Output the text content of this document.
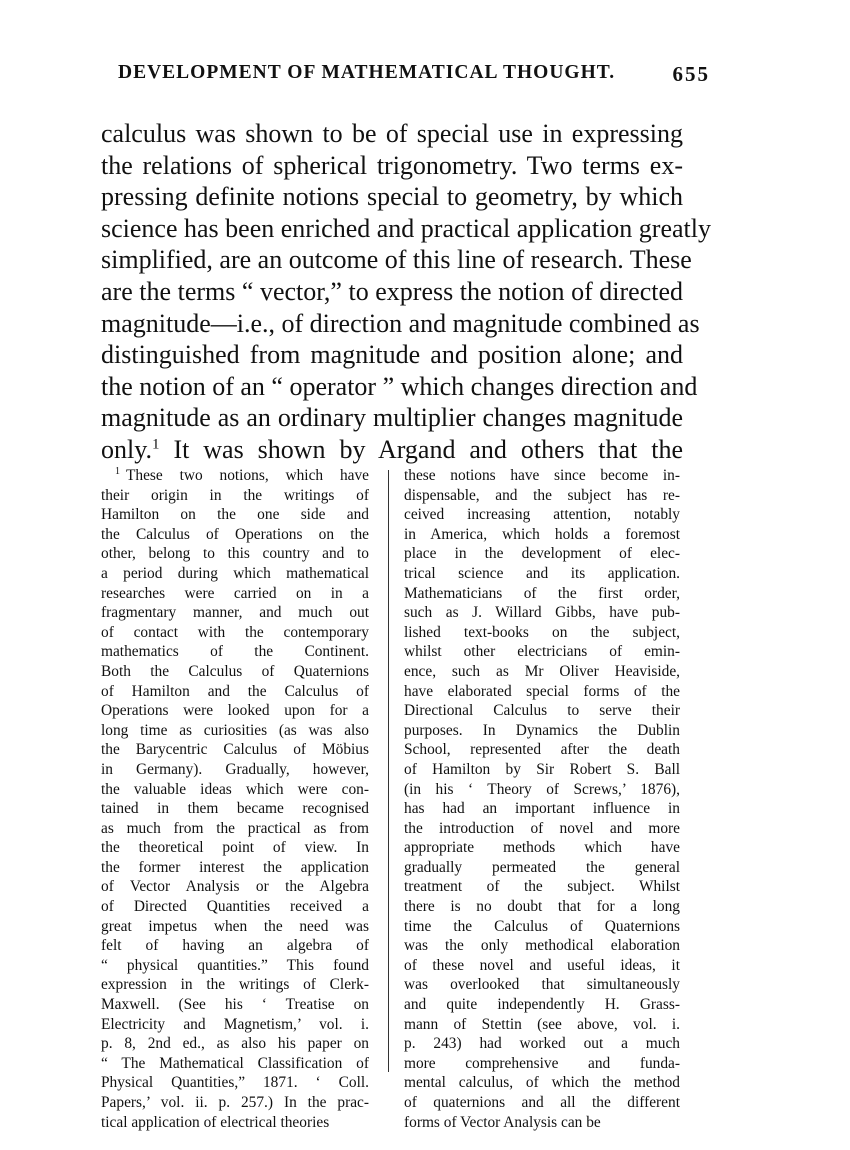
DEVELOPMENT OF MATHEMATICAL THOUGHT.	655
calculus was shown to be of special use in expressing
the relations of spherical trigonometry. Two terms ex-
pressing definite notions special to geometry, by which
science has been enriched and practical application greatly
simplified, are an outcome of this line of research. These
are the terms “ vector,” to express the notion of directed
magnitude—i.e., of direction and magnitude combined as
distinguished from magnitude and position alone; and
the notion of an “ operator ” which changes direction and
magnitude as an ordinary multiplier changes magnitude
only.$^1$ It was shown by Argand and others that the
$^1$ These two notions, which have
their origin in the writings of
Hamilton on the one side and
the Calculus of Operations on the
other, belong to this country and to
a period during which mathematical
researches were carried on in a
fragmentary manner, and much out
of contact with the contemporary
mathematics of the Continent.
Both the Calculus of Quaternions
of Hamilton and the Calculus of
Operations were looked upon for a
long time as curiosities (as was also
the Barycentric Calculus of Möbius
in Germany). Gradually, however,
the valuable ideas which were con-
tained in them became recognised
as much from the practical as from
the theoretical point of view. In
the former interest the application
of Vector Analysis or the Algebra
of Directed Quantities received a
great impetus when the need was
felt of having an algebra of
“ physical quantities.” This found
expression in the writings of Clerk-
Maxwell. (See his ‘ Treatise on
Electricity and Magnetism,’ vol. i.
p. 8, 2nd ed., as also his paper on
“ The Mathematical Classification of
Physical Quantities,” 1871. ‘ Coll.
Papers,’ vol. ii. p. 257.) In the prac-
tical application of electrical theories
these notions have since become in-
dispensable, and the subject has re-
ceived increasing attention, notably
in America, which holds a foremost
place in the development of elec-
trical science and its application.
Mathematicians of the first order,
such as J. Willard Gibbs, have pub-
lished text-books on the subject,
whilst other electricians of emin-
ence, such as Mr Oliver Heaviside,
have elaborated special forms of the
Directional Calculus to serve their
purposes. In Dynamics the Dublin
School, represented after the death
of Hamilton by Sir Robert S. Ball
(in his ‘ Theory of Screws,’ 1876),
has had an important influence in
the introduction of novel and more
appropriate methods which have
gradually permeated the general
treatment of the subject. Whilst
there is no doubt that for a long
time the Calculus of Quaternions
was the only methodical elaboration
of these novel and useful ideas, it
was overlooked that simultaneously
and quite independently H. Grass-
mann of Stettin (see above, vol. i.
p. 243) had worked out a much
more comprehensive and funda-
mental calculus, of which the method
of quaternions and all the different
forms of Vector Analysis can be
